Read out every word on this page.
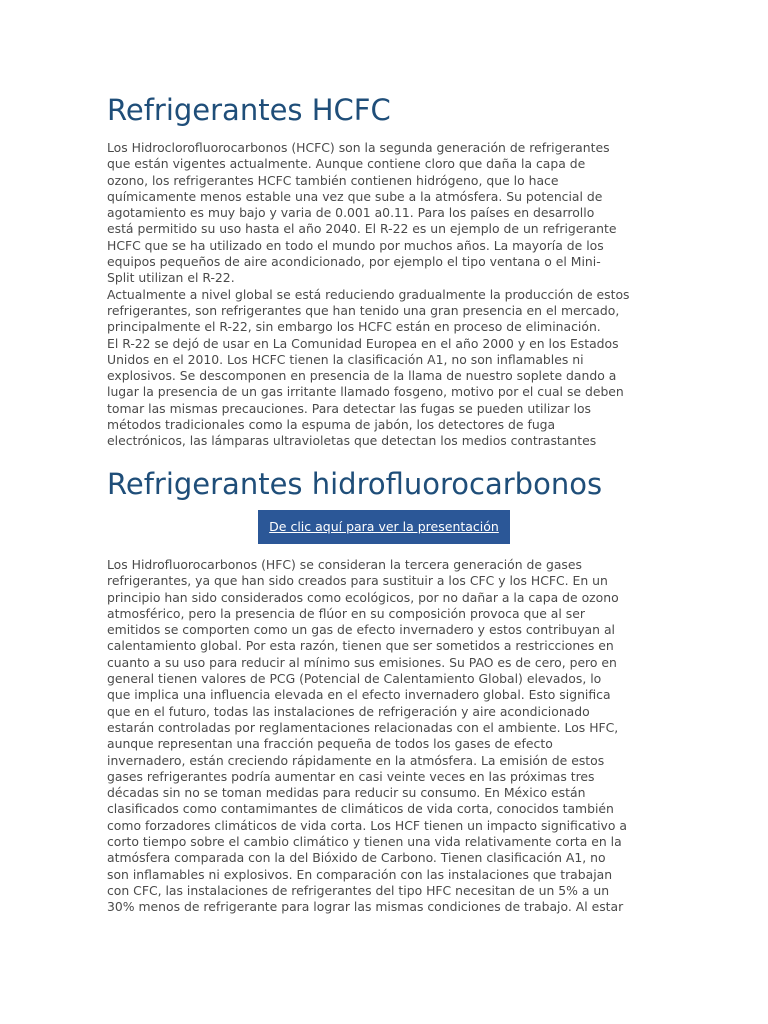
Refrigerantes HCFC
Los Hidroclorofluorocarbonos (HCFC) son la segunda generación de refrigerantes
que están vigentes actualmente. Aunque contiene cloro que daña la capa de
ozono, los refrigerantes HCFC también contienen hidrógeno, que lo hace
químicamente menos estable una vez que sube a la atmósfera. Su potencial de
agotamiento es muy bajo y varia de 0.001 a0.11. Para los países en desarrollo
está permitido su uso hasta el año 2040. El R-22 es un ejemplo de un refrigerante
HCFC que se ha utilizado en todo el mundo por muchos años. La mayoría de los
equipos pequeños de aire acondicionado, por ejemplo el tipo ventana o el Mini-
Split utilizan el R-22.
Actualmente a nivel global se está reduciendo gradualmente la producción de estos
refrigerantes, son refrigerantes que han tenido una gran presencia en el mercado,
principalmente el R-22, sin embargo los HCFC están en proceso de eliminación.
El R-22 se dejó de usar en La Comunidad Europea en el año 2000 y en los Estados
Unidos en el 2010. Los HCFC tienen la clasificación A1, no son inflamables ni
explosivos. Se descomponen en presencia de la llama de nuestro soplete dando a
lugar la presencia de un gas irritante llamado fosgeno, motivo por el cual se deben
tomar las mismas precauciones. Para detectar las fugas se pueden utilizar los
métodos tradicionales como la espuma de jabón, los detectores de fuga
electrónicos, las lámparas ultravioletas que detectan los medios contrastantes
Refrigerantes hidrofluorocarbonos
De clic aquí para ver la presentación
Los Hidrofluorocarbonos (HFC) se consideran la tercera generación de gases
refrigerantes, ya que han sido creados para sustituir a los CFC y los HCFC. En un
principio han sido considerados como ecológicos, por no dañar a la capa de ozono
atmosférico, pero la presencia de flúor en su composición provoca que al ser
emitidos se comporten como un gas de efecto invernadero y estos contribuyan al
calentamiento global. Por esta razón, tienen que ser sometidos a restricciones en
cuanto a su uso para reducir al mínimo sus emisiones. Su PAO es de cero, pero en
general tienen valores de PCG (Potencial de Calentamiento Global) elevados, lo
que implica una influencia elevada en el efecto invernadero global. Esto significa
que en el futuro, todas las instalaciones de refrigeración y aire acondicionado
estarán controladas por reglamentaciones relacionadas con el ambiente. Los HFC,
aunque representan una fracción pequeña de todos los gases de efecto
invernadero, están creciendo rápidamente en la atmósfera. La emisión de estos
gases refrigerantes podría aumentar en casi veinte veces en las próximas tres
décadas sin no se toman medidas para reducir su consumo. En México están
clasificados como contamimantes de climáticos de vida corta, conocidos también
como forzadores climáticos de vida corta. Los HCF tienen un impacto significativo a
corto tiempo sobre el cambio climático y tienen una vida relativamente corta en la
atmósfera comparada con la del Bióxido de Carbono. Tienen clasificación A1, no
son inflamables ni explosivos. En comparación con las instalaciones que trabajan
con CFC, las instalaciones de refrigerantes del tipo HFC necesitan de un 5% a un
30% menos de refrigerante para lograr las mismas condiciones de trabajo. Al estar
